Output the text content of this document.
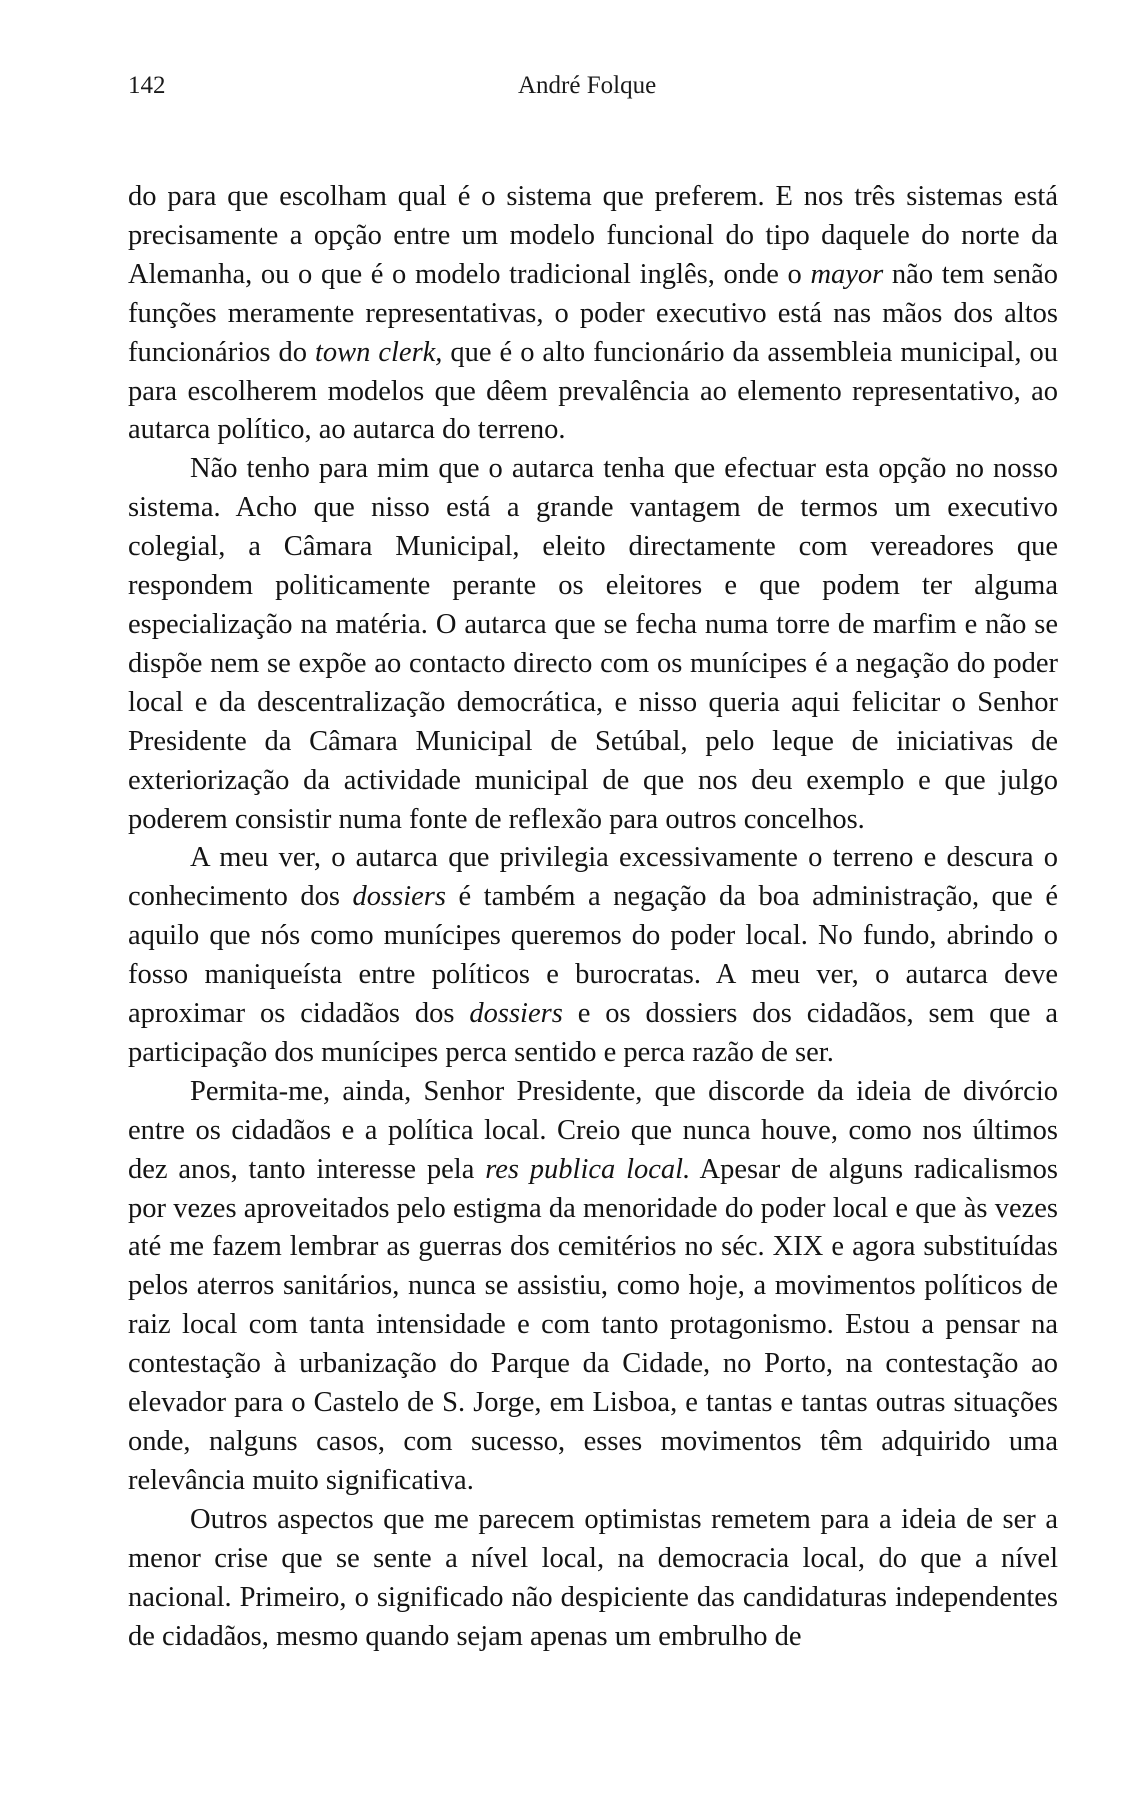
142	André Folque

do para que escolham qual é o sistema que preferem. E nos três sistemas está precisamente a opção entre um modelo funcional do tipo daquele do norte da Alemanha, ou o que é o modelo tradicional inglês, onde o mayor não tem senão funções meramente representativas, o poder executivo está nas mãos dos altos funcionários do town clerk, que é o alto funcionário da assembleia municipal, ou para escolherem modelos que dêem prevalência ao elemento representativo, ao autarca político, ao autarca do terreno.

Não tenho para mim que o autarca tenha que efectuar esta opção no nosso sistema. Acho que nisso está a grande vantagem de termos um executivo colegial, a Câmara Municipal, eleito directamente com vereadores que respondem politicamente perante os eleitores e que podem ter alguma especialização na matéria. O autarca que se fecha numa torre de marfim e não se dispõe nem se expõe ao contacto directo com os munícipes é a negação do poder local e da descentralização democrática, e nisso queria aqui felicitar o Senhor Presidente da Câmara Municipal de Setúbal, pelo leque de iniciativas de exteriorização da actividade municipal de que nos deu exemplo e que julgo poderem consistir numa fonte de reflexão para outros concelhos.

A meu ver, o autarca que privilegia excessivamente o terreno e descura o conhecimento dos dossiers é também a negação da boa administração, que é aquilo que nós como munícipes queremos do poder local. No fundo, abrindo o fosso maniqueísta entre políticos e burocratas. A meu ver, o autarca deve aproximar os cidadãos dos dossiers e os dossiers dos cidadãos, sem que a participação dos munícipes perca sentido e perca razão de ser.

Permita-me, ainda, Senhor Presidente, que discorde da ideia de divórcio entre os cidadãos e a política local. Creio que nunca houve, como nos últimos dez anos, tanto interesse pela res publica local. Apesar de alguns radicalismos por vezes aproveitados pelo estigma da menoridade do poder local e que às vezes até me fazem lembrar as guerras dos cemitérios no séc. XIX e agora substituídas pelos aterros sanitários, nunca se assistiu, como hoje, a movimentos políticos de raiz local com tanta intensidade e com tanto protagonismo. Estou a pensar na contestação à urbanização do Parque da Cidade, no Porto, na contestação ao elevador para o Castelo de S. Jorge, em Lisboa, e tantas e tantas outras situações onde, nalguns casos, com sucesso, esses movimentos têm adquirido uma relevância muito significativa.

Outros aspectos que me parecem optimistas remetem para a ideia de ser a menor crise que se sente a nível local, na democracia local, do que a nível nacional. Primeiro, o significado não despiciente das candidaturas independentes de cidadãos, mesmo quando sejam apenas um embrulho de
